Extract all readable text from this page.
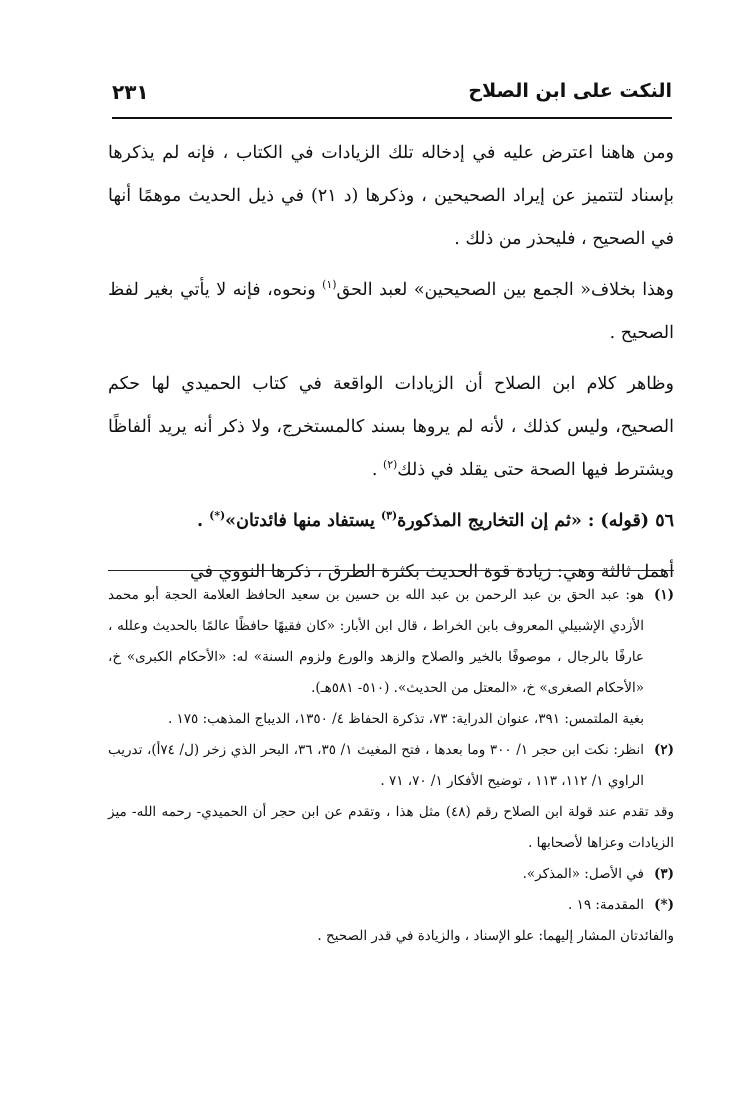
النكت على ابن الصلاح
٢٣١

ومن هاهنا اعترض عليه في إدخاله تلك الزيادات في الكتاب ، فإنه لم يذكرها بإسناد لتتميز عن إيراد الصحيحين ، وذكرها (د ٢١) في ذيل الحديث موهمًا أنها في الصحيح ، فليحذر من ذلك .

وهذا بخلاف« الجمع بين الصحيحين» لعبد الحق$^{(١)}$ ونحوه، فإنه لا يأتي بغير لفظ الصحيح .

وظاهر كلام ابن الصلاح أن الزيادات الواقعة في كتاب الحميدي لها حكم الصحيح، وليس كذلك ، لأنه لم يروها بسند كالمستخرج، ولا ذكر أنه يريد ألفاظًا ويشترط فيها الصحة حتى يقلد في ذلك$^{(٢)}$ .

٥٦ (قوله) : «ثم إن التخاريج المذكورة$^{(٣)}$ يستفاد منها فائدتان»(*) .

أهمل ثالثة وهي: زيادة قوة الحديث بكثرة الطرق ، ذكرها النووي في

(١)

هو: عبد الحق بن عبد الرحمن بن عبد الله بن حسين بن سعيد الحافظ العلامة الحجة أبو محمد الأزدي الإشبيلي المعروف بابن الخراط ، قال ابن الأبار: «كان فقيهًا حافظًا عالمًا بالحديث وعلله ، عارفًا بالرجال ، موصوفًا بالخير والصلاح والزهد والورع ولزوم السنة» له: «الأحكام الكبرى» خ، «الأحكام الصغرى» خ، «المعتل من الحديث». (٥١٠- ٥٨١هـ).

بغية الملتمس: ٣٩١، عنوان الدراية: ٧٣، تذكرة الحفاظ ٤/ ١٣٥٠، الديباج المذهب: ١٧٥ .

(٢)

انظر: نكت ابن حجر ١/ ٣٠٠ وما بعدها ، فتح المغيث ١/ ٣٥، ٣٦، البحر الذي زخر (ل/ ٧٤أ)، تدريب الراوي ١/ ١١٢، ١١٣ ، توضيح الأفكار ١/ ٧٠، ٧١ .

وقد تقدم عند قولة ابن الصلاح رقم (٤٨) مثل هذا ، وتقدم عن ابن حجر أن الحميدي- رحمه الله- ميز الزيادات وعزاها لأصحابها .

(٣)

في الأصل: «المذكر».

(*)

المقدمة: ١٩ .

والفائدتان المشار إليهما: علو الإسناد ، والزيادة في قدر الصحيح .
